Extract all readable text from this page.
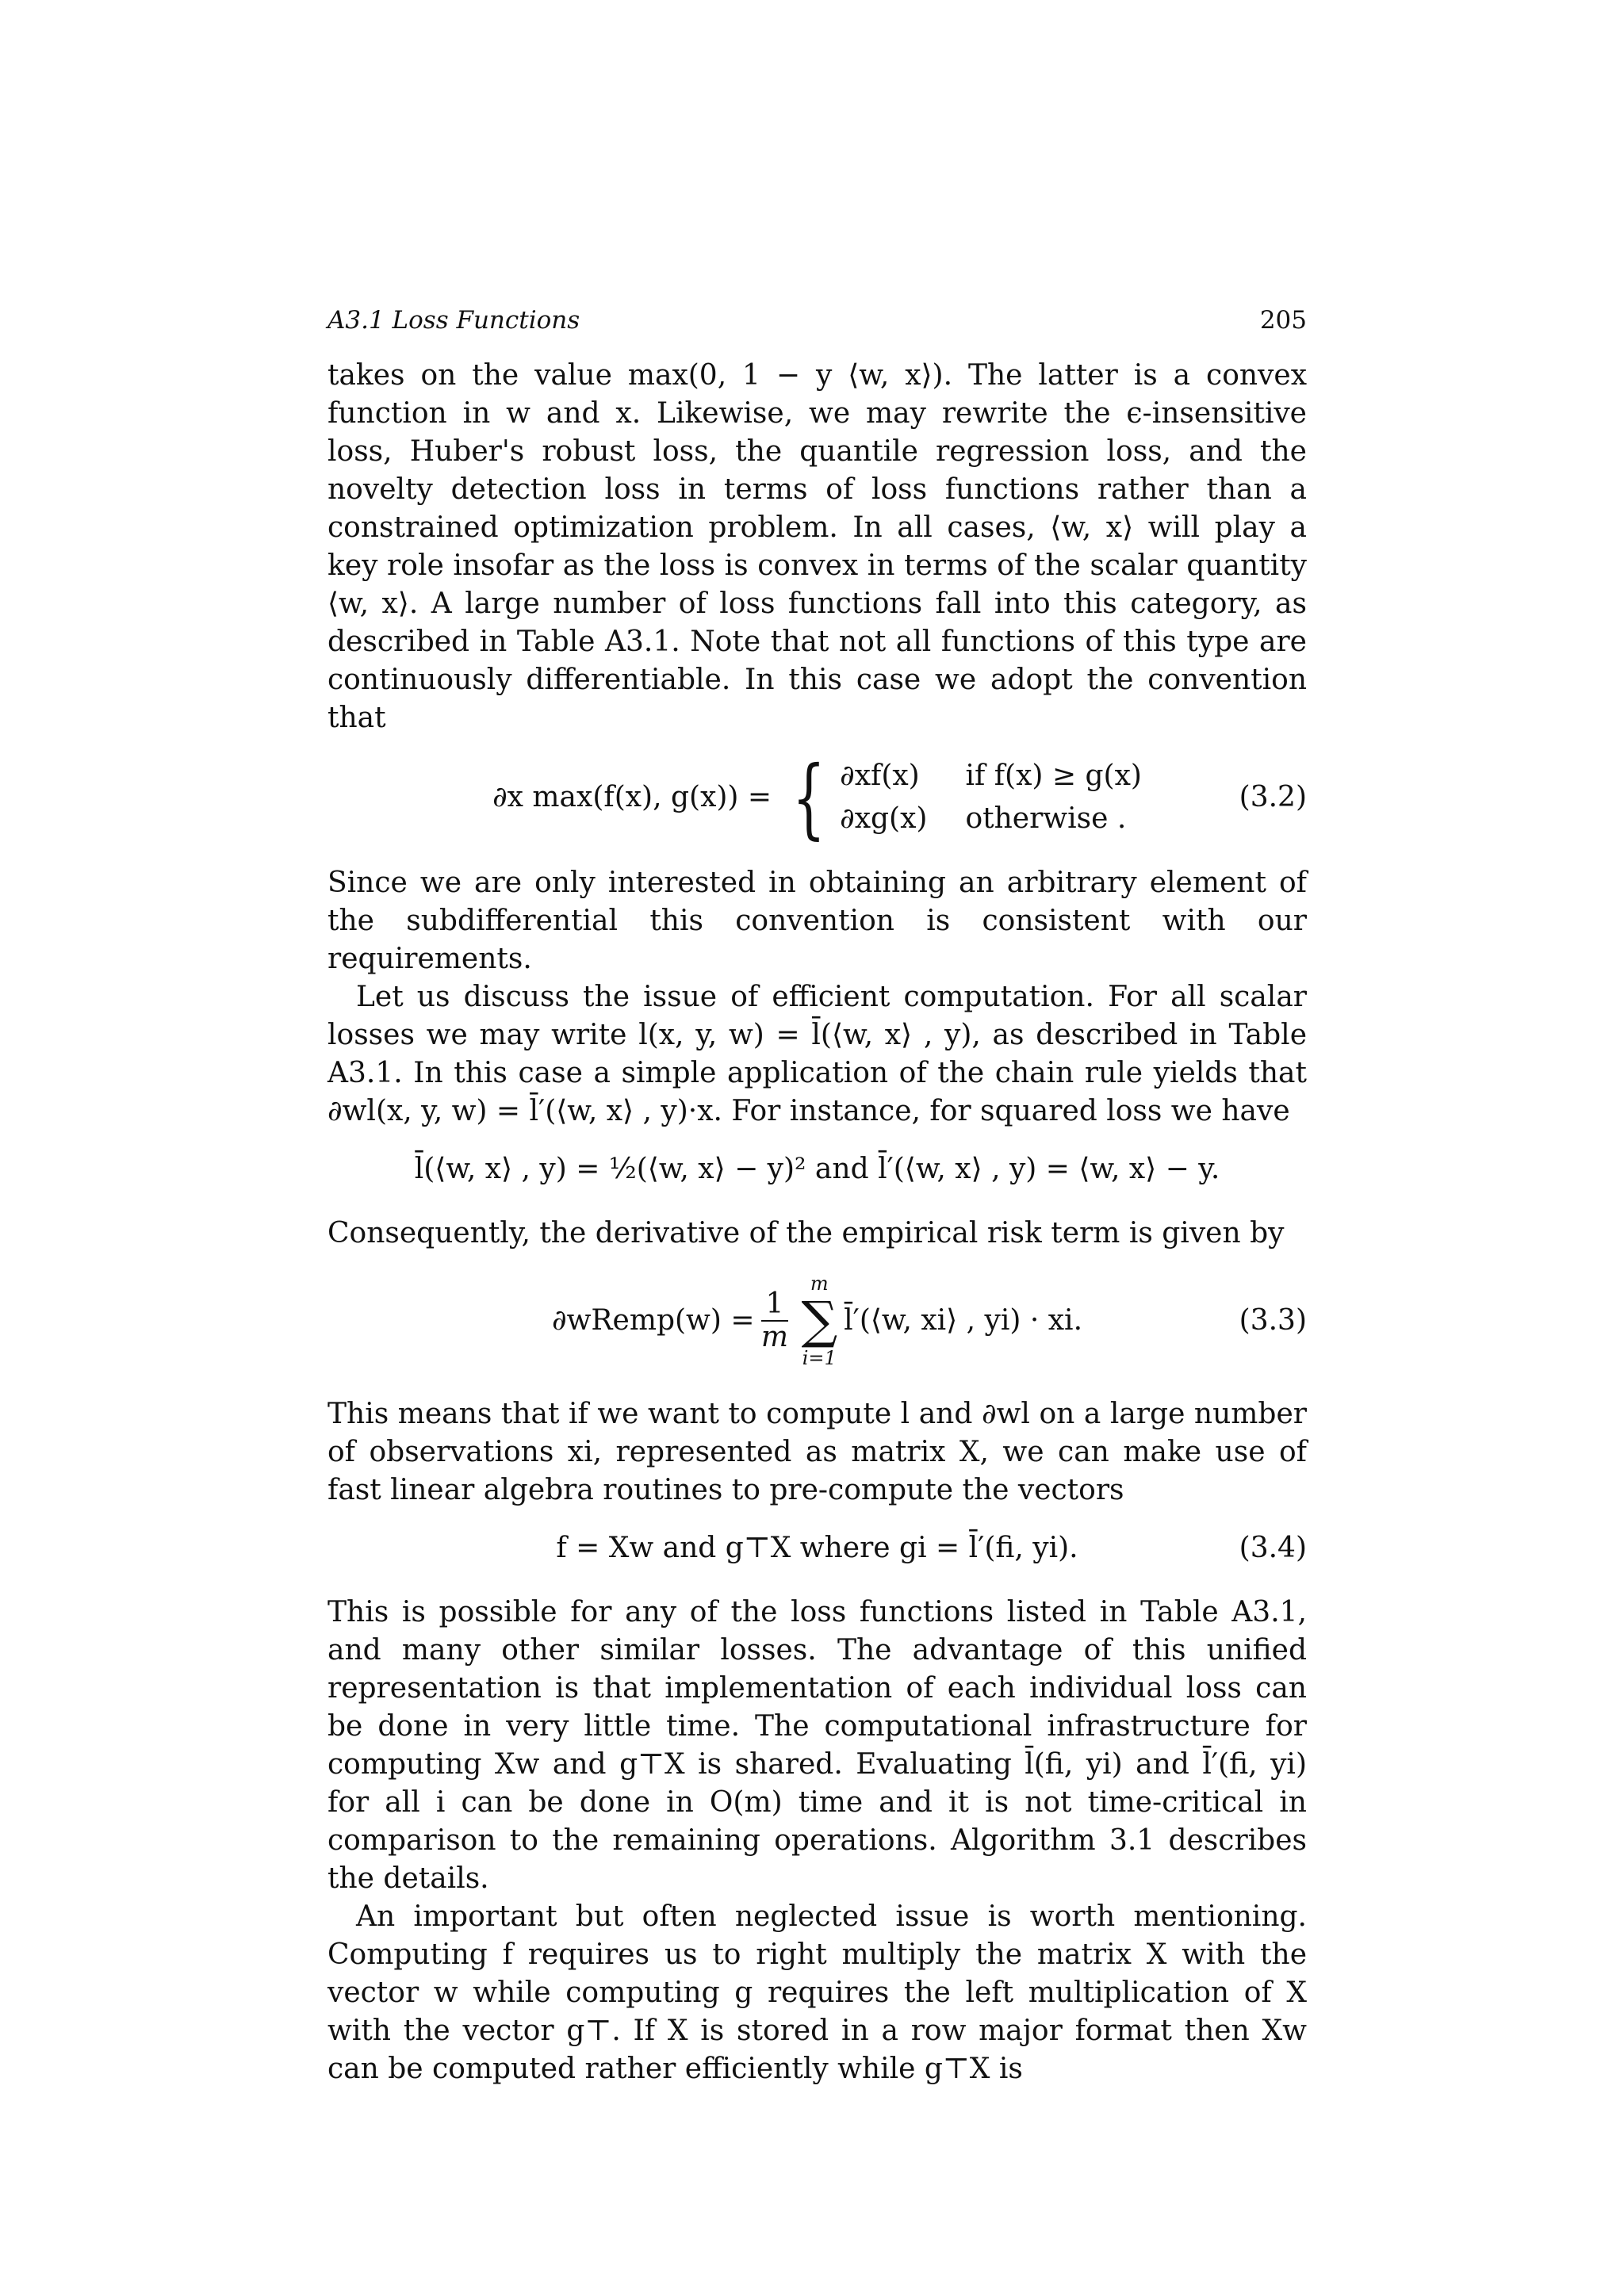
A3.1 Loss Functions	205

takes on the value max(0, 1 − y ⟨w, x⟩). The latter is a convex function in w and x. Likewise, we may rewrite the ϵ-insensitive loss, Huber's robust loss, the quantile regression loss, and the novelty detection loss in terms of loss functions rather than a constrained optimization problem. In all cases, ⟨w, x⟩ will play a key role insofar as the loss is convex in terms of the scalar quantity ⟨w, x⟩. A large number of loss functions fall into this category, as described in Table A3.1. Note that not all functions of this type are continuously differentiable. In this case we adopt the convention that

∂x max(f(x), g(x)) = { ∂xf(x) if f(x) ≥ g(x)
∂xg(x) otherwise .
(3.2)

Since we are only interested in obtaining an arbitrary element of the subdifferential this convention is consistent with our requirements.

Let us discuss the issue of efficient computation. For all scalar losses we may write l(x, y, w) = l̄(⟨w, x⟩ , y), as described in Table A3.1. In this case a simple application of the chain rule yields that ∂wl(x, y, w) = l̄′(⟨w, x⟩ , y)·x. For instance, for squared loss we have

l̄(⟨w, x⟩ , y) = ½(⟨w, x⟩ − y)² and l̄′(⟨w, x⟩ , y) = ⟨w, x⟩ − y.

Consequently, the derivative of the empirical risk term is given by

∂wRemp(w) = $\frac{1}{m}$
m
∑
i=1
l̄′(⟨w, xi⟩ , yi) · xi.	(3.3)

This means that if we want to compute l and ∂wl on a large number of observations xi, represented as matrix X, we can make use of fast linear algebra routines to pre-compute the vectors

f = Xw and g⊤X where gi = l̄′(fi, yi).	(3.4)

This is possible for any of the loss functions listed in Table A3.1, and many other similar losses. The advantage of this unified representation is that implementation of each individual loss can be done in very little time. The computational infrastructure for computing Xw and g⊤X is shared. Evaluating l̄(fi, yi) and l̄′(fi, yi) for all i can be done in O(m) time and it is not time-critical in comparison to the remaining operations. Algorithm 3.1 describes the details.

An important but often neglected issue is worth mentioning. Computing f requires us to right multiply the matrix X with the vector w while computing g requires the left multiplication of X with the vector g⊤. If X is stored in a row major format then Xw can be computed rather efficiently while g⊤X is
